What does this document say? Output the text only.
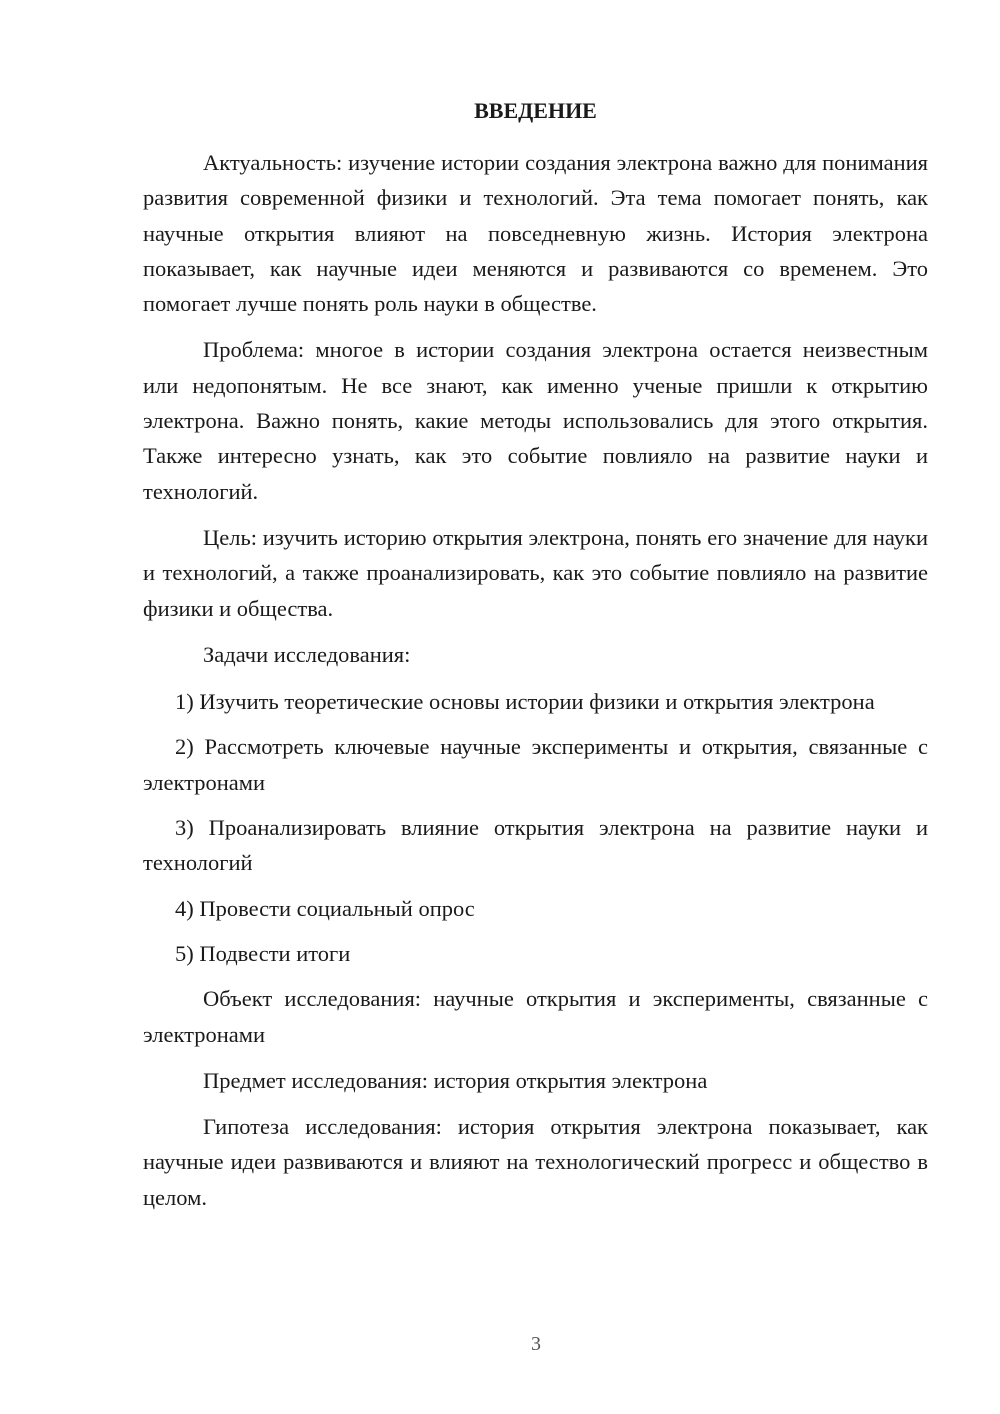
ВВЕДЕНИЕ

Актуальность: изучение истории создания электрона важно для понимания развития современной физики и технологий. Эта тема помогает понять, как научные открытия влияют на повседневную жизнь. История электрона показывает, как научные идеи меняются и развиваются со временем. Это помогает лучше понять роль науки в обществе.

Проблема: многое в истории создания электрона остается неизвестным или недопонятым. Не все знают, как именно ученые пришли к открытию электрона. Важно понять, какие методы использовались для этого открытия. Также интересно узнать, как это событие повлияло на развитие науки и технологий.

Цель: изучить историю открытия электрона, понять его значение для науки и технологий, а также проанализировать, как это событие повлияло на развитие физики и общества.

Задачи исследования:

1) Изучить теоретические основы истории физики и открытия электрона

2) Рассмотреть ключевые научные эксперименты и открытия, связанные с электронами

3) Проанализировать влияние открытия электрона на развитие науки и технологий

4) Провести социальный опрос

5) Подвести итоги

Объект исследования: научные открытия и эксперименты, связанные с электронами

Предмет исследования: история открытия электрона

Гипотеза исследования: история открытия электрона показывает, как научные идеи развиваются и влияют на технологический прогресс и общество в целом.

3
